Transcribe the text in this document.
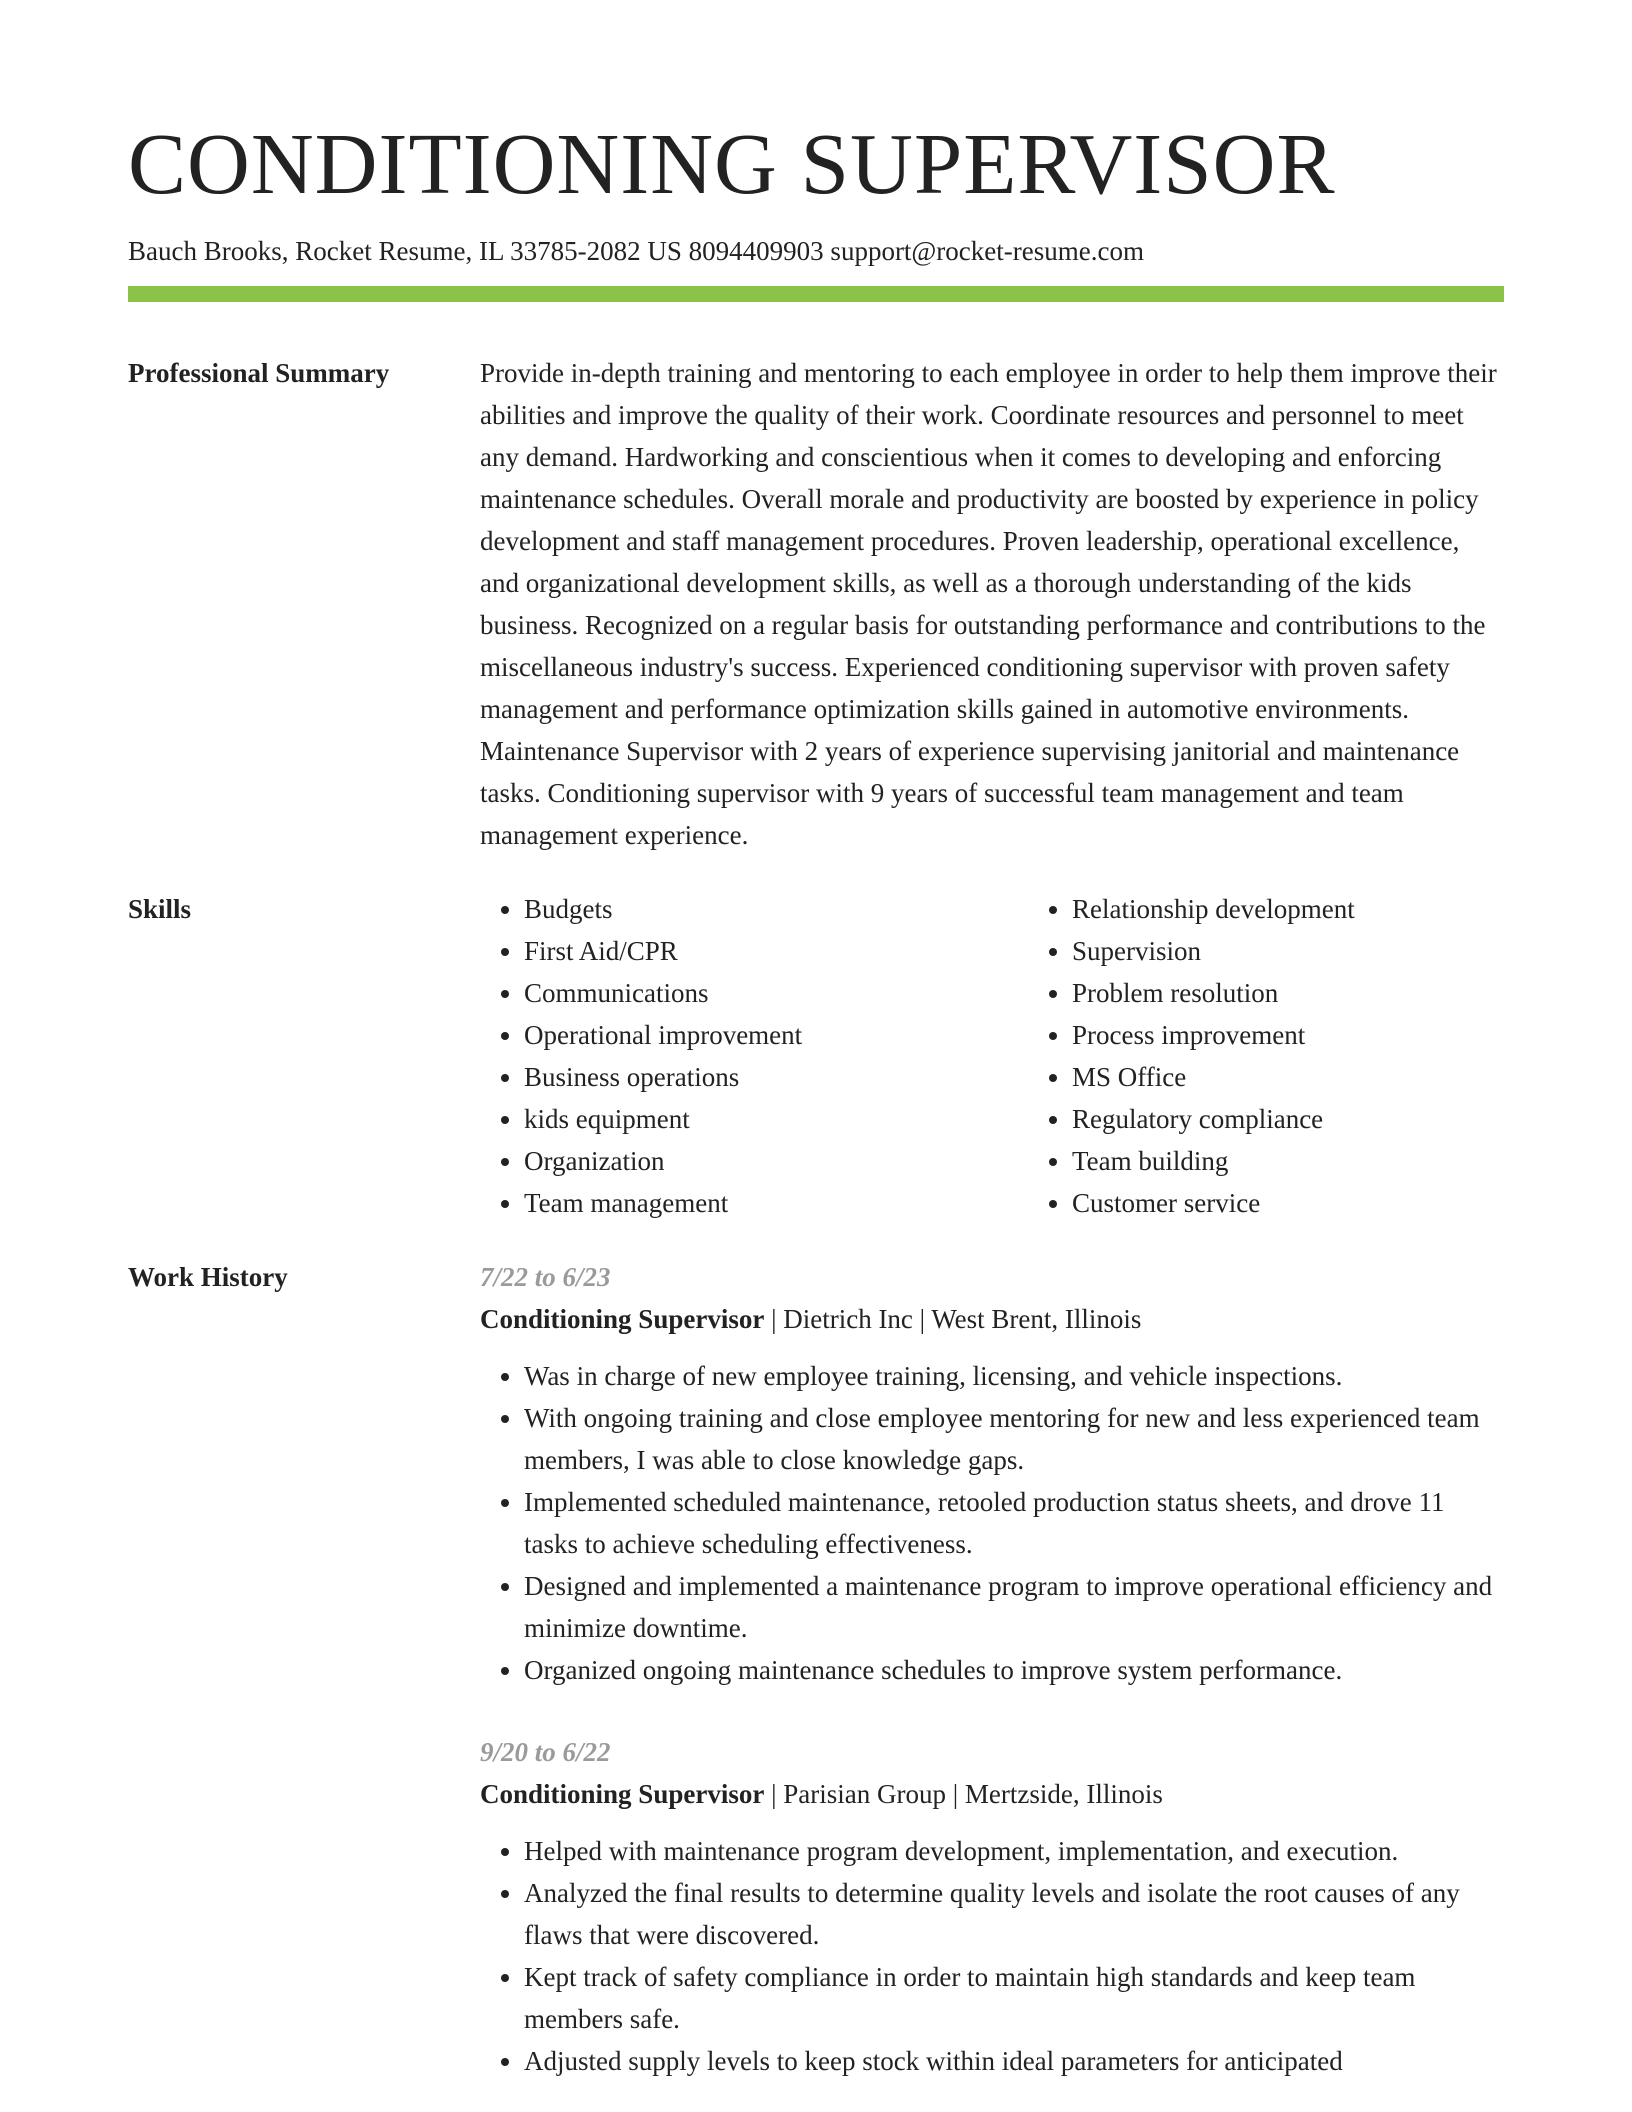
CONDITIONING SUPERVISOR
Bauch Brooks, Rocket Resume, IL 33785-2082 US 8094409903 support@rocket-resume.com
Professional Summary	Provide in-depth training and mentoring to each employee in order to help them improve their abilities and improve the quality of their work. Coordinate resources and personnel to meet any demand. Hardworking and conscientious when it comes to developing and enforcing maintenance schedules. Overall morale and productivity are boosted by experience in policy development and staff management procedures. Proven leadership, operational excellence, and organizational development skills, as well as a thorough understanding of the kids business. Recognized on a regular basis for outstanding performance and contributions to the miscellaneous industry's success. Experienced conditioning supervisor with proven safety management and performance optimization skills gained in automotive environments. Maintenance Supervisor with 2 years of experience supervising janitorial and maintenance tasks. Conditioning supervisor with 9 years of successful team management and team management experience.

Skills
•	Budgets
• First Aid/CPR
• Communications
• Operational improvement
• Business operations
• kids equipment
• Organization
• Team management
• Relationship development
• Supervision
• Problem resolution
• Process improvement
• MS Office
• Regulatory compliance
• Team building
• Customer service
Work History	7/22 to 6/23
Conditioning Supervisor | Dietrich Inc | West Brent, Illinois
• Was in charge of new employee training, licensing, and vehicle inspections.
• With ongoing training and close employee mentoring for new and less experienced team members, I was able to close knowledge gaps.
• Implemented scheduled maintenance, retooled production status sheets, and drove 11 tasks to achieve scheduling effectiveness.
• Designed and implemented a maintenance program to improve operational efficiency and minimize downtime.
• Organized ongoing maintenance schedules to improve system performance.
9/20 to 6/22
Conditioning Supervisor | Parisian Group | Mertzside, Illinois
• Helped with maintenance program development, implementation, and execution.
• Analyzed the final results to determine quality levels and isolate the root causes of any flaws that were discovered.
• Kept track of safety compliance in order to maintain high standards and keep team members safe.
• Adjusted supply levels to keep stock within ideal parameters for anticipated
